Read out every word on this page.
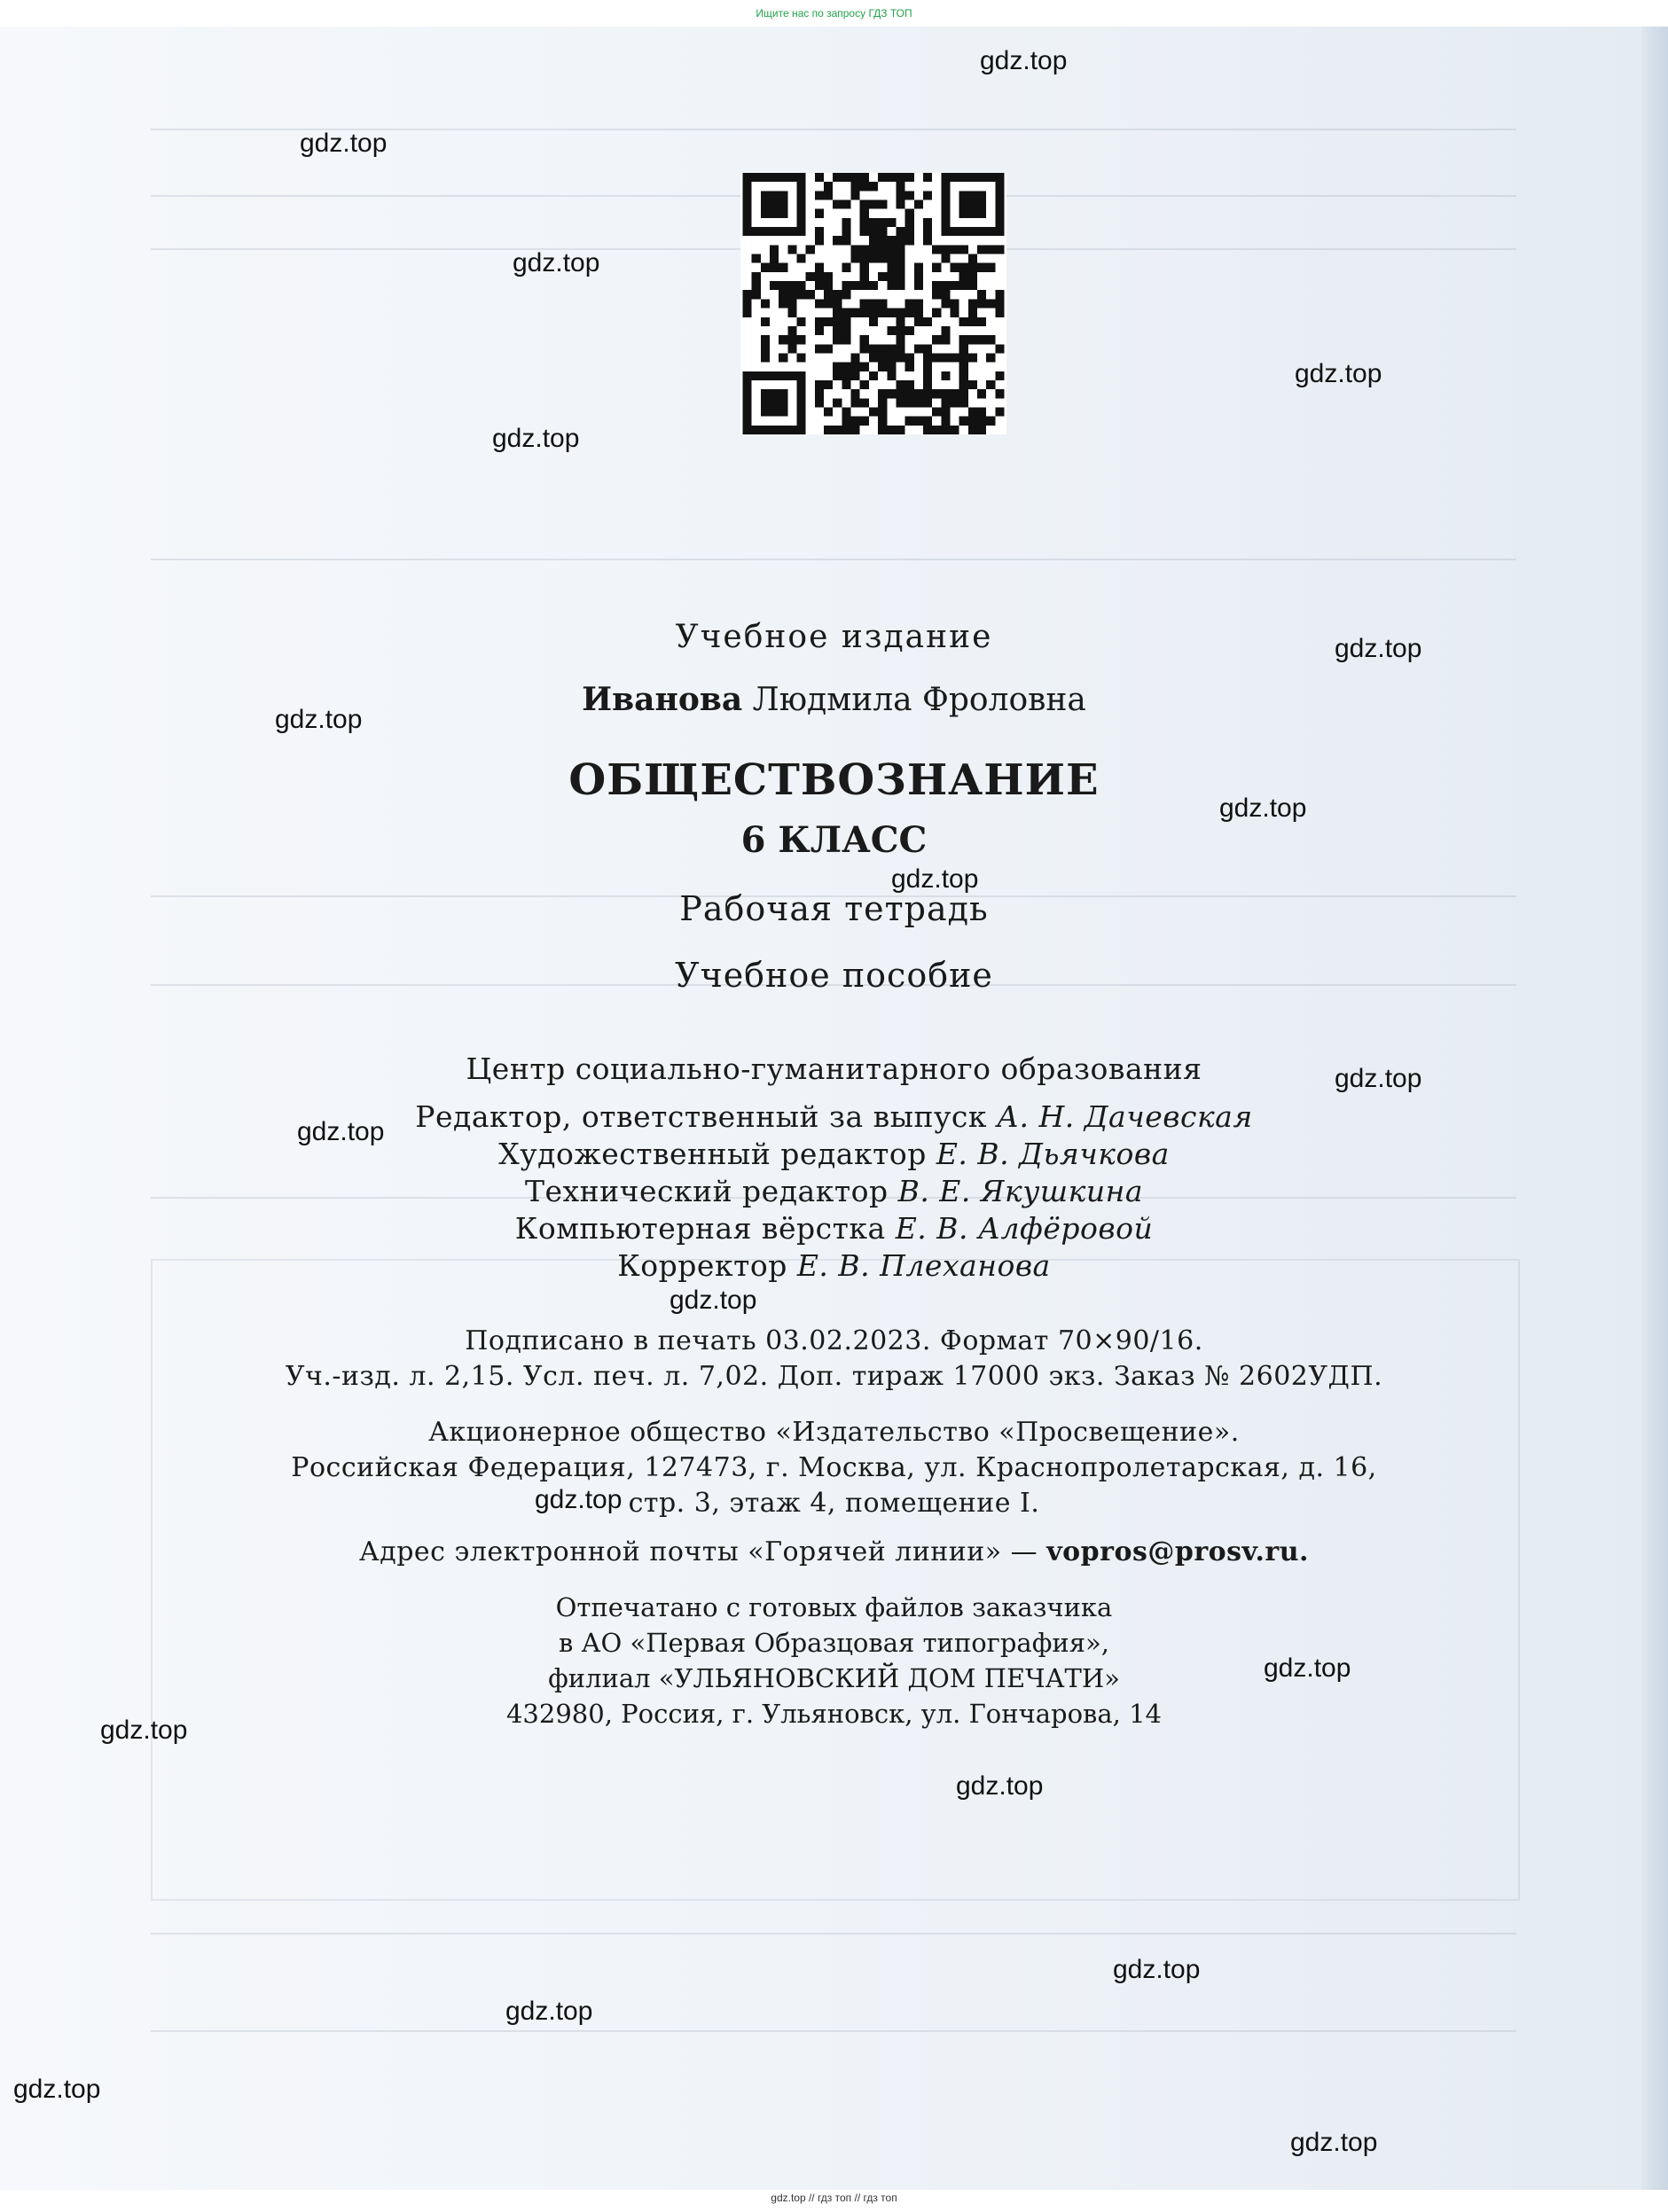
Ищите нас по запросу ГДЗ ТОП
Учебное издание
Иванова Людмила Фроловна
ОБЩЕСТВОЗНАНИЕ
6 КЛАСС
Рабочая тетрадь
Учебное пособие
Центр социально-гуманитарного образования
Редактор, ответственный за выпуск А. Н. Дачевская
Художественный редактор Е. В. Дьячкова
Технический редактор В. Е. Якушкина
Компьютерная вёрстка Е. В. Алфёровой
Корректор Е. В. Плеханова
Подписано в печать 03.02.2023. Формат 70×90/16.
Уч.-изд. л. 2,15. Усл. печ. л. 7,02. Доп. тираж 17000 экз. Заказ № 2602УДП.
Акционерное общество «Издательство «Просвещение».
Российская Федерация, 127473, г. Москва, ул. Краснопролетарская, д. 16,
стр. 3, этаж 4, помещение I.
Адрес электронной почты «Горячей линии» — vopros@prosv.ru.
Отпечатано с готовых файлов заказчика
в АО «Первая Образцовая типография»,
филиал «УЛЬЯНОВСКИЙ ДОМ ПЕЧАТИ»
432980, Россия, г. Ульяновск, ул. Гончарова, 14
gdz.top
gdz.top
gdz.top
gdz.top
gdz.top
gdz.top
gdz.top
gdz.top
gdz.top
gdz.top
gdz.top
gdz.top
gdz.top
gdz.top
gdz.top
gdz.top
gdz.top
gdz.top
gdz.top
gdz.top
gdz.top // гдз топ // гдз топ
